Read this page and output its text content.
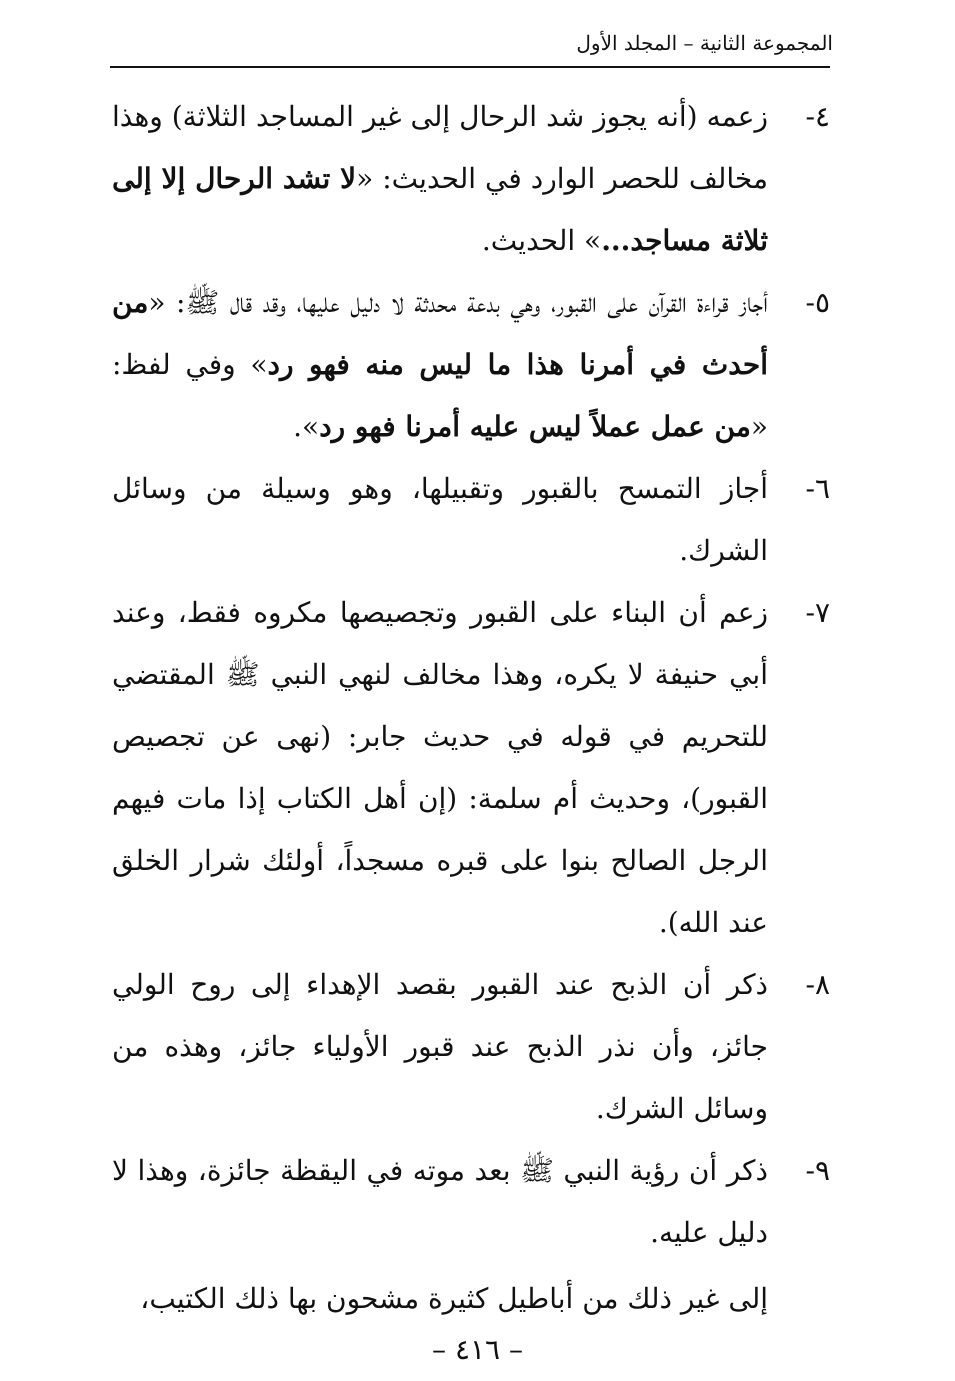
المجموعة الثانية – المجلد الأول
٤-
زعمه (أنه يجوز شد الرحال إلى غير المساجد الثلاثة) وهذا مخالف للحصر الوارد في الحديث: «لا تشد الرحال إلا إلى ثلاثة مساجد...» الحديث.
٥-
أجاز قراءة القرآن على القبور، وهي بدعة محدثة لا دليل عليها، وقد قال ﷺ: «من أحدث في أمرنا هذا ما ليس منه فهو رد» وفي لفظ: «من عمل عملاً ليس عليه أمرنا فهو رد».
٦-
أجاز التمسح بالقبور وتقبيلها، وهو وسيلة من وسائل الشرك.
٧-
زعم أن البناء على القبور وتجصيصها مكروه فقط، وعند أبي حنيفة لا يكره، وهذا مخالف لنهي النبي ﷺ المقتضي للتحريم في قوله في حديث جابر: (نهى عن تجصيص القبور)، وحديث أم سلمة: (إن أهل الكتاب إذا مات فيهم الرجل الصالح بنوا على قبره مسجداً، أولئك شرار الخلق عند الله).
٨-
ذكر أن الذبح عند القبور بقصد الإهداء إلى روح الولي جائز، وأن نذر الذبح عند قبور الأولياء جائز، وهذه من وسائل الشرك.
٩-
ذكر أن رؤية النبي ﷺ بعد موته في اليقظة جائزة، وهذا لا دليل عليه.
إلى غير ذلك من أباطيل كثيرة مشحون بها ذلك الكتيب،
– ٤١٦ –
